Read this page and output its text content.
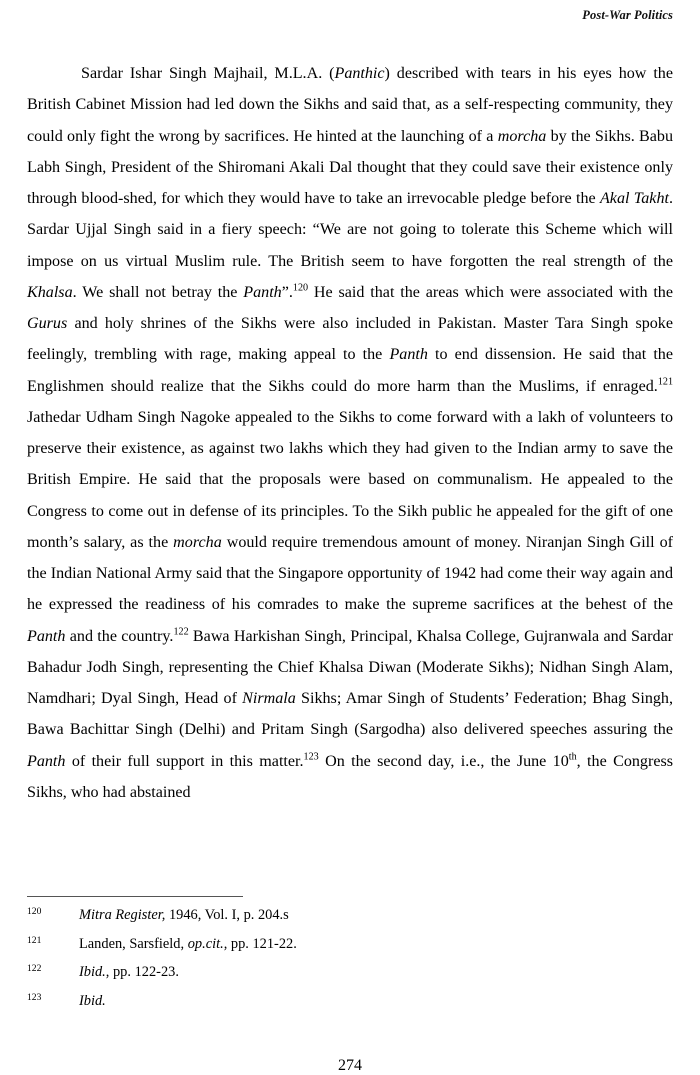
Post-War Politics

Sardar Ishar Singh Majhail, M.L.A. (Panthic) described with tears in his eyes how the British Cabinet Mission had led down the Sikhs and said that, as a self-respecting community, they could only fight the wrong by sacrifices. He hinted at the launching of a morcha by the Sikhs. Babu Labh Singh, President of the Shiromani Akali Dal thought that they could save their existence only through blood-shed, for which they would have to take an irrevocable pledge before the Akal Takht. Sardar Ujjal Singh said in a fiery speech: “We are not going to tolerate this Scheme which will impose on us virtual Muslim rule. The British seem to have forgotten the real strength of the Khalsa. We shall not betray the Panth”.$^{120}$ He said that the areas which were associated with the Gurus and holy shrines of the Sikhs were also included in Pakistan. Master Tara Singh spoke feelingly, trembling with rage, making appeal to the Panth to end dissension. He said that the Englishmen should realize that the Sikhs could do more harm than the Muslims, if enraged.$^{121}$ Jathedar Udham Singh Nagoke appealed to the Sikhs to come forward with a lakh of volunteers to preserve their existence, as against two lakhs which they had given to the Indian army to save the British Empire. He said that the proposals were based on communalism. He appealed to the Congress to come out in defense of its principles. To the Sikh public he appealed for the gift of one month’s salary, as the morcha would require tremendous amount of money. Niranjan Singh Gill of the Indian National Army said that the Singapore opportunity of 1942 had come their way again and he expressed the readiness of his comrades to make the supreme sacrifices at the behest of the Panth and the country.$^{122}$ Bawa Harkishan Singh, Principal, Khalsa College, Gujranwala and Sardar Bahadur Jodh Singh, representing the Chief Khalsa Diwan (Moderate Sikhs); Nidhan Singh Alam, Namdhari; Dyal Singh, Head of Nirmala Sikhs; Amar Singh of Students’ Federation; Bhag Singh, Bawa Bachittar Singh (Delhi) and Pritam Singh (Sargodha) also delivered speeches assuring the Panth of their full support in this matter.$^{123}$ On the second day, i.e., the June 10th, the Congress Sikhs, who had abstained

120	Mitra Register, 1946, Vol. I, p. 204.s
121	Landen, Sarsfield, op.cit., pp. 121-22.
122	Ibid., pp. 122-23.
123	Ibid.
274
